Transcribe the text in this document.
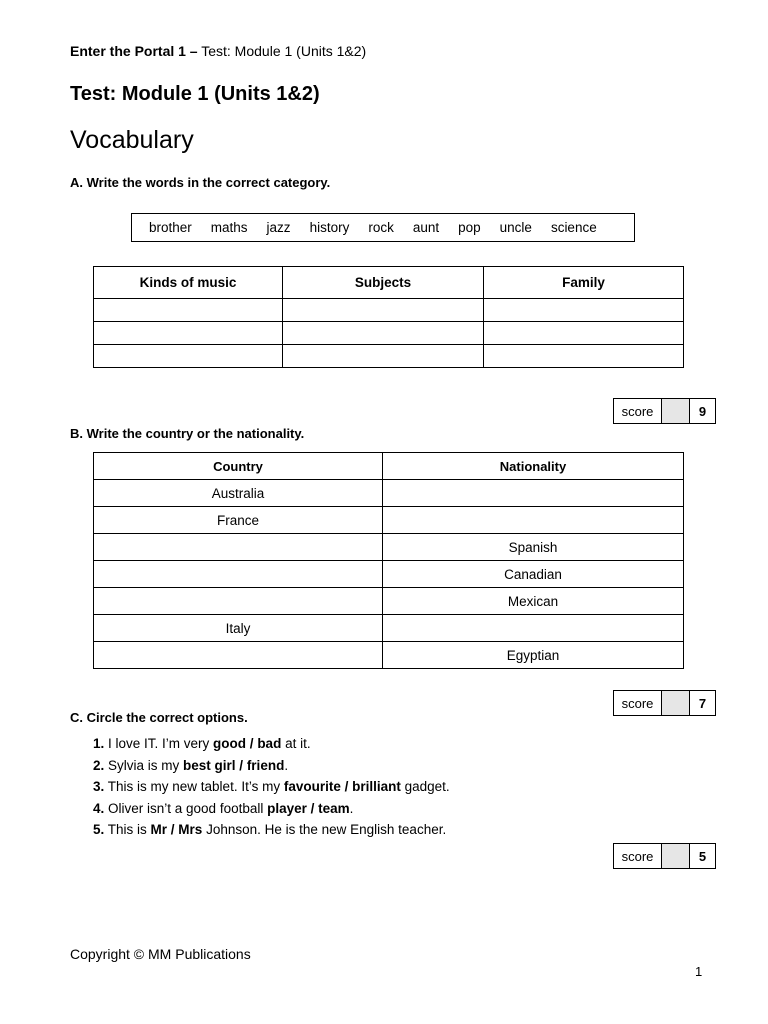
Enter the Portal 1 – Test: Module 1 (Units 1&2)
Test: Module 1 (Units 1&2)
Vocabulary
A. Write the words in the correct category.
brother maths jazz history rock aunt pop uncle science
Kinds of music	Subjects	Family

score	9
B. Write the country or the nationality.
Country	Nationality
Australia	
France	
	Spanish
	Canadian
	Mexican
Italy	
	Egyptian
score	7
C. Circle the correct options.
1. I love IT. I’m very good / bad at it.
2. Sylvia is my best girl / friend.
3. This is my new tablet. It’s my favourite / brilliant gadget.
4. Oliver isn’t a good football player / team.
5. This is Mr / Mrs Johnson. He is the new English teacher.
score	5
Copyright © MM Publications
1
